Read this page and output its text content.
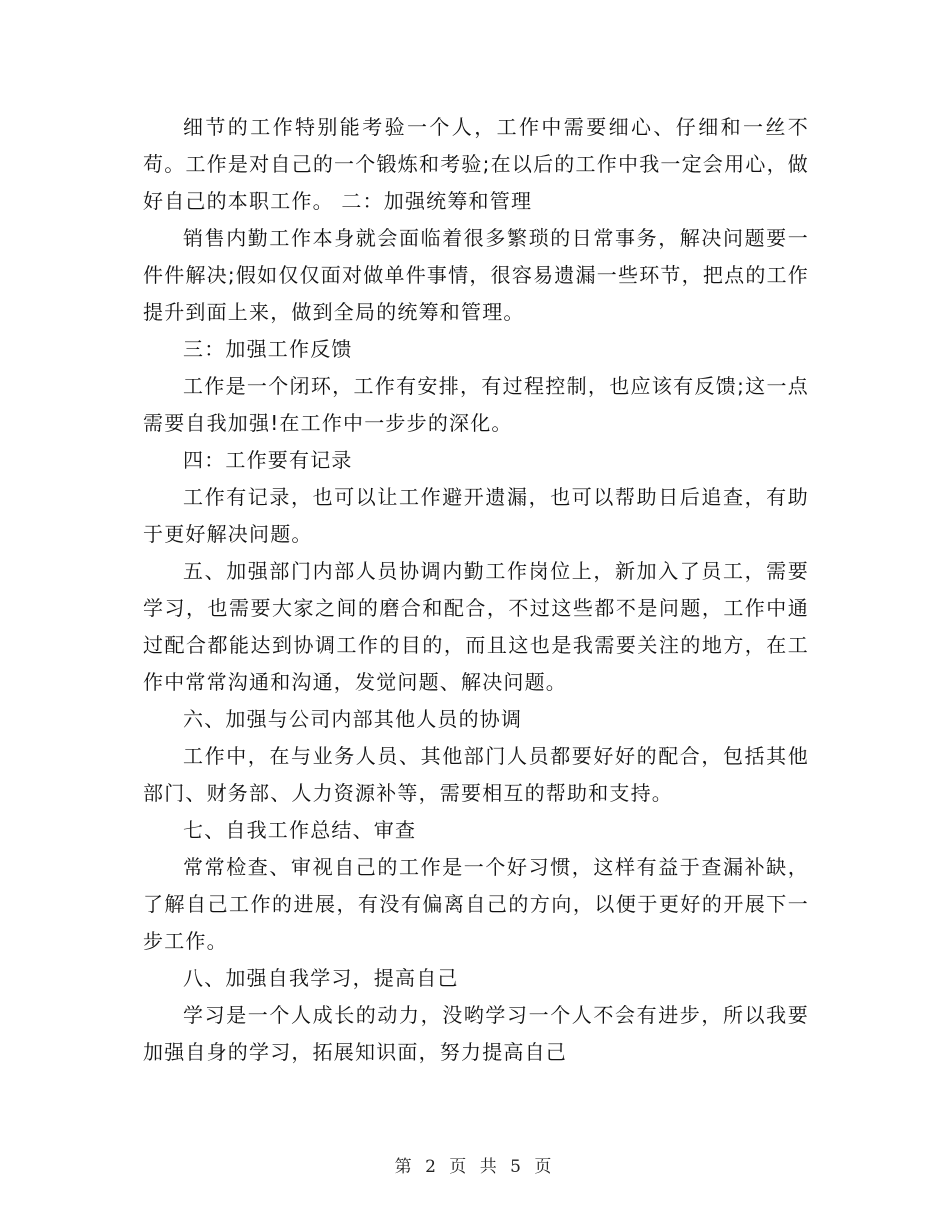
细节的工作特别能考验一个人，工作中需要细心、仔细和一丝不苟。工作是对自己的一个锻炼和考验;在以后的工作中我一定会用心，做好自己的本职工作。 二：加强统筹和管理

销售内勤工作本身就会面临着很多繁琐的日常事务，解决问题要一件件解决;假如仅仅面对做单件事情，很容易遗漏一些环节，把点的工作提升到面上来，做到全局的统筹和管理。

三：加强工作反馈

工作是一个闭环，工作有安排，有过程控制，也应该有反馈;这一点需要自我加强!在工作中一步步的深化。

四：工作要有记录

工作有记录，也可以让工作避开遗漏，也可以帮助日后追查，有助于更好解决问题。

五、加强部门内部人员协调内勤工作岗位上，新加入了员工，需要学习，也需要大家之间的磨合和配合，不过这些都不是问题，工作中通过配合都能达到协调工作的目的，而且这也是我需要关注的地方，在工作中常常沟通和沟通，发觉问题、解决问题。

六、加强与公司内部其他人员的协调

工作中，在与业务人员、其他部门人员都要好好的配合，包括其他部门、财务部、人力资源补等，需要相互的帮助和支持。

七、自我工作总结、审查

常常检查、审视自己的工作是一个好习惯，这样有益于查漏补缺，了解自己工作的进展，有没有偏离自己的方向，以便于更好的开展下一步工作。

八、加强自我学习，提高自己

学习是一个人成长的动力，没哟学习一个人不会有进步，所以我要加强自身的学习，拓展知识面，努力提高自己

第 2 页 共 5 页
